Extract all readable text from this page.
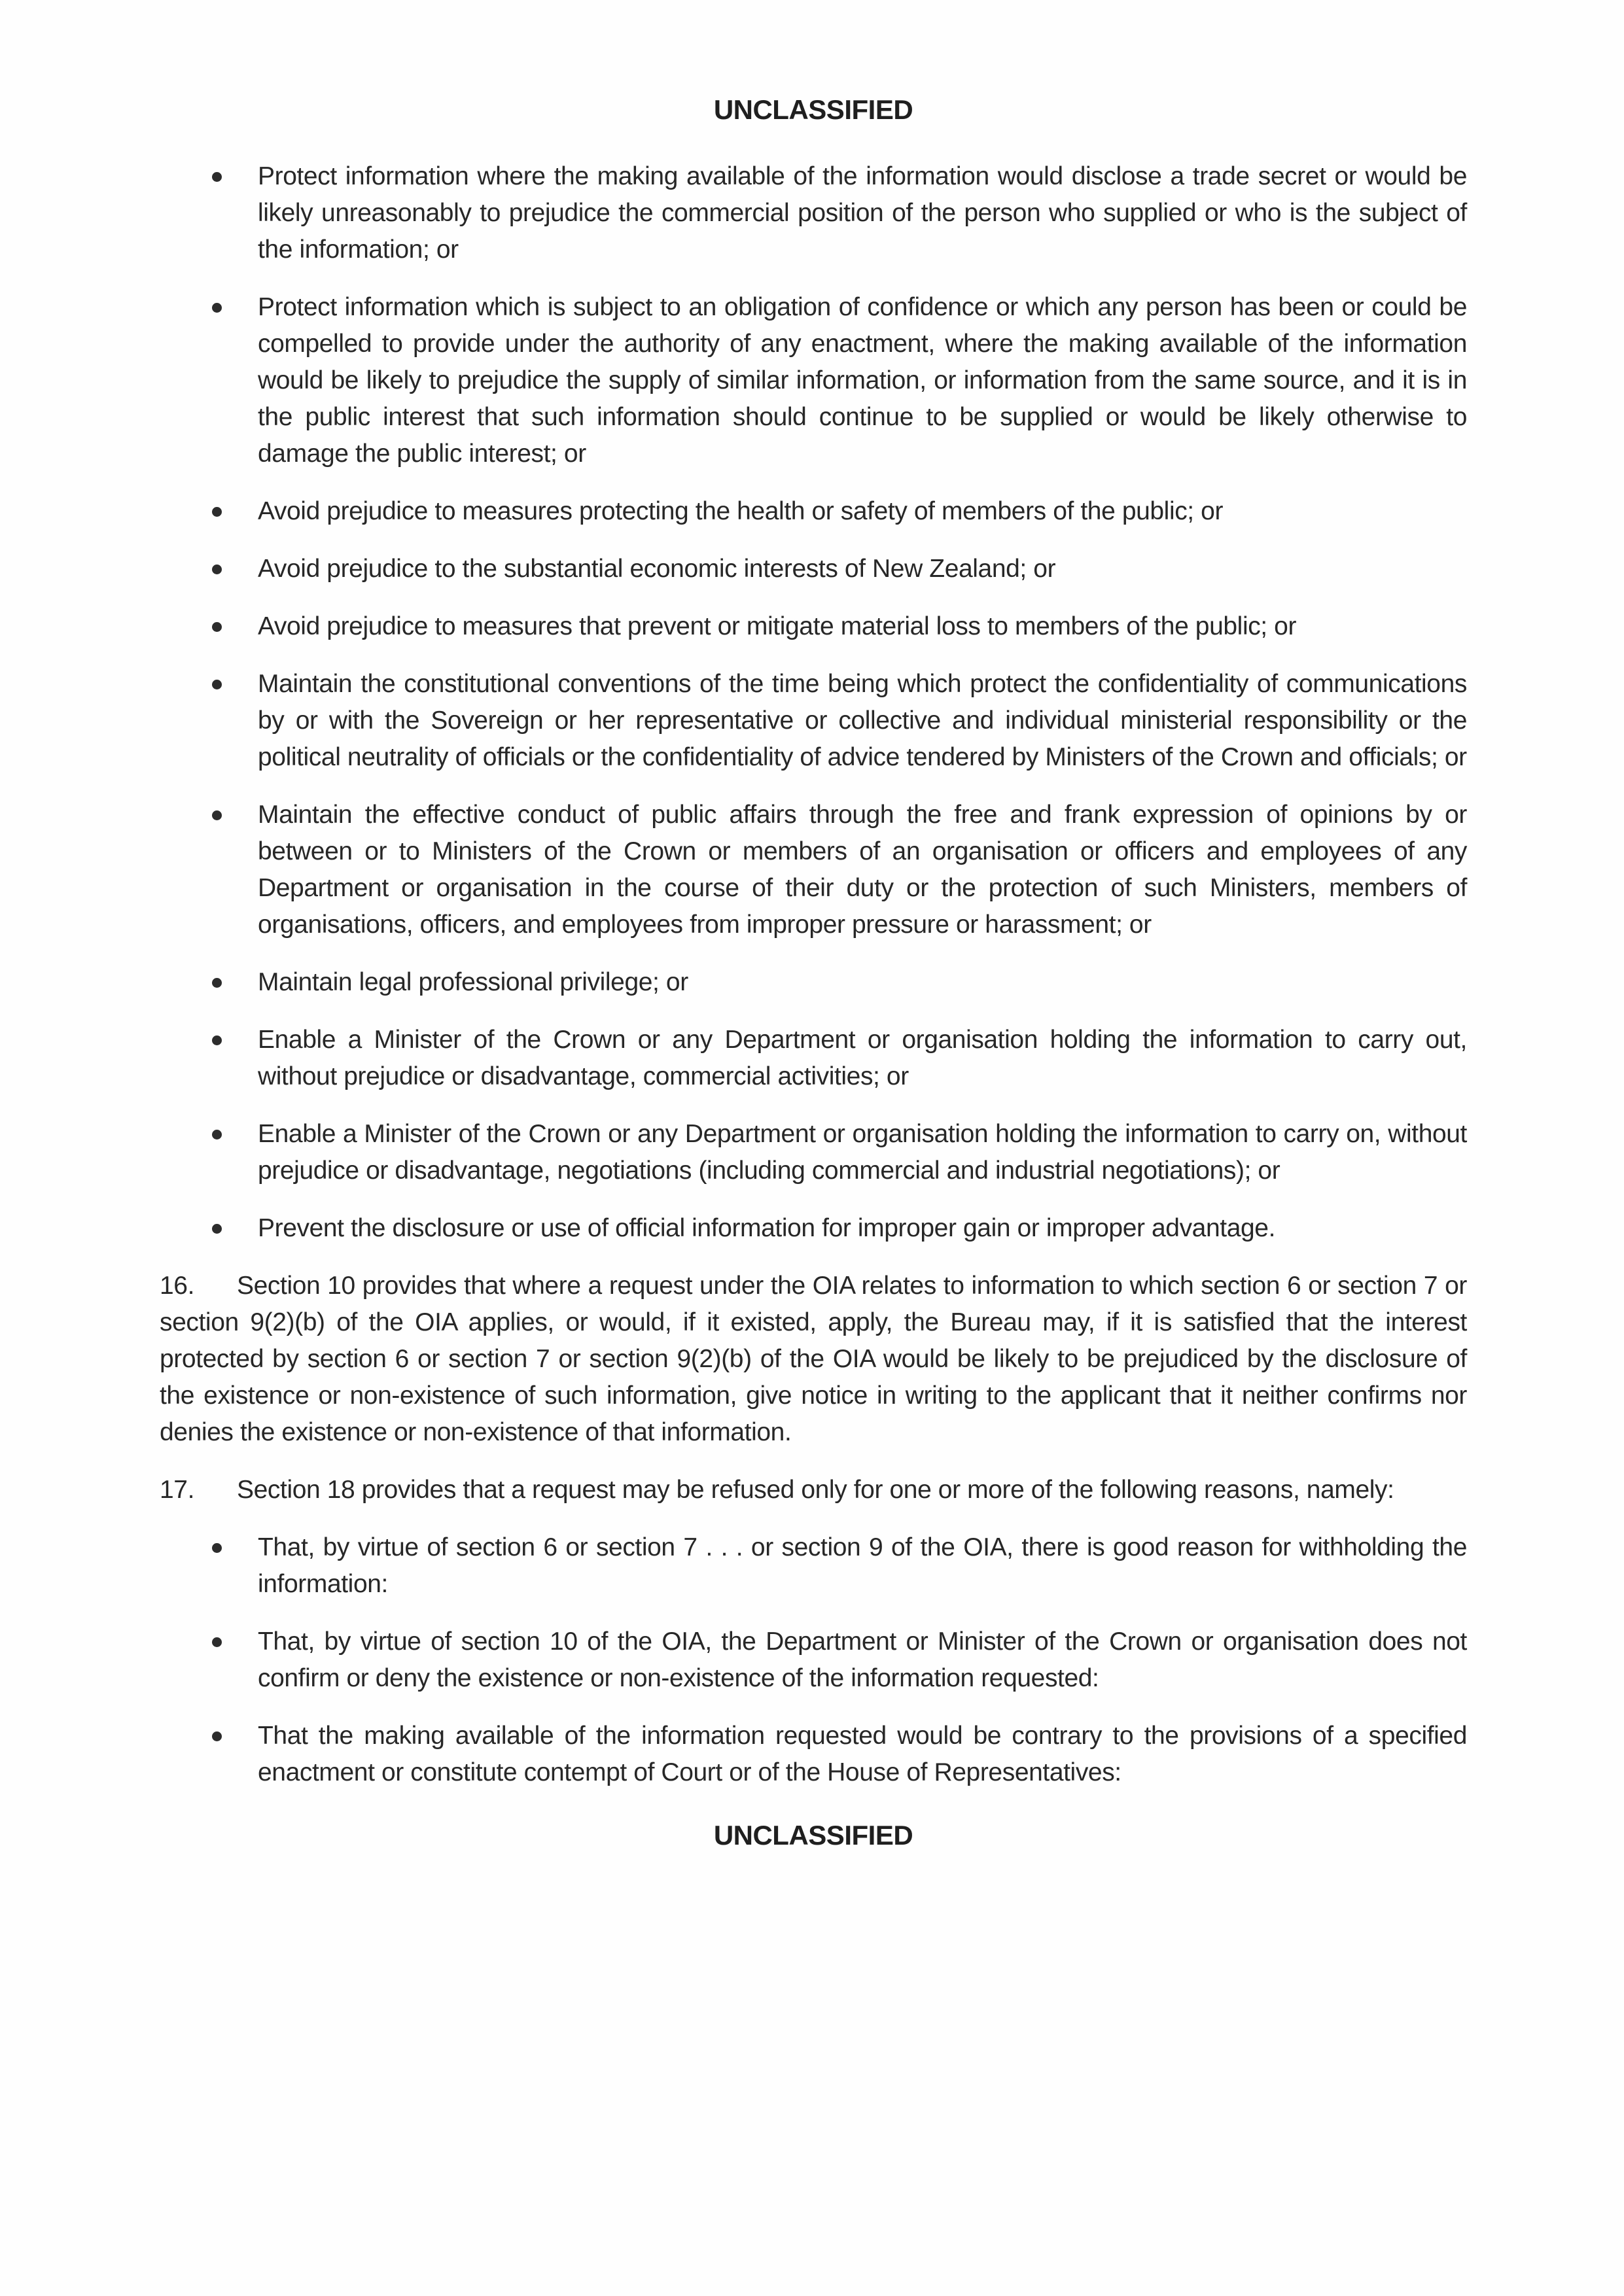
UNCLASSIFIED
Protect information where the making available of the information would disclose a trade secret or would be likely unreasonably to prejudice the commercial position of the person who supplied or who is the subject of the information; or
Protect information which is subject to an obligation of confidence or which any person has been or could be compelled to provide under the authority of any enactment, where the making available of the information would be likely to prejudice the supply of similar information, or information from the same source, and it is in the public interest that such information should continue to be supplied or would be likely otherwise to damage the public interest; or
Avoid prejudice to measures protecting the health or safety of members of the public; or
Avoid prejudice to the substantial economic interests of New Zealand; or
Avoid prejudice to measures that prevent or mitigate material loss to members of the public; or
Maintain the constitutional conventions of the time being which protect the confidentiality of communications by or with the Sovereign or her representative or collective and individual ministerial responsibility or the political neutrality of officials or the confidentiality of advice tendered by Ministers of the Crown and officials; or
Maintain the effective conduct of public affairs through the free and frank expression of opinions by or between or to Ministers of the Crown or members of an organisation or officers and employees of any Department or organisation in the course of their duty or the protection of such Ministers, members of organisations, officers, and employees from improper pressure or harassment; or
Maintain legal professional privilege; or
Enable a Minister of the Crown or any Department or organisation holding the information to carry out, without prejudice or disadvantage, commercial activities; or
Enable a Minister of the Crown or any Department or organisation holding the information to carry on, without prejudice or disadvantage, negotiations (including commercial and industrial negotiations); or
Prevent the disclosure or use of official information for improper gain or improper advantage.

16. Section 10 provides that where a request under the OIA relates to information to which section 6 or section 7 or section 9(2)(b) of the OIA applies, or would, if it existed, apply, the Bureau may, if it is satisfied that the interest protected by section 6 or section 7 or section 9(2)(b) of the OIA would be likely to be prejudiced by the disclosure of the existence or non-existence of such information, give notice in writing to the applicant that it neither confirms nor denies the existence or non-existence of that information.

17. Section 18 provides that a request may be refused only for one or more of the following reasons, namely:

That, by virtue of section 6 or section 7 . . . or section 9 of the OIA, there is good reason for withholding the information:
That, by virtue of section 10 of the OIA, the Department or Minister of the Crown or organisation does not confirm or deny the existence or non-existence of the information requested:
That the making available of the information requested would be contrary to the provisions of a specified enactment or constitute contempt of Court or of the House of Representatives:
UNCLASSIFIED
